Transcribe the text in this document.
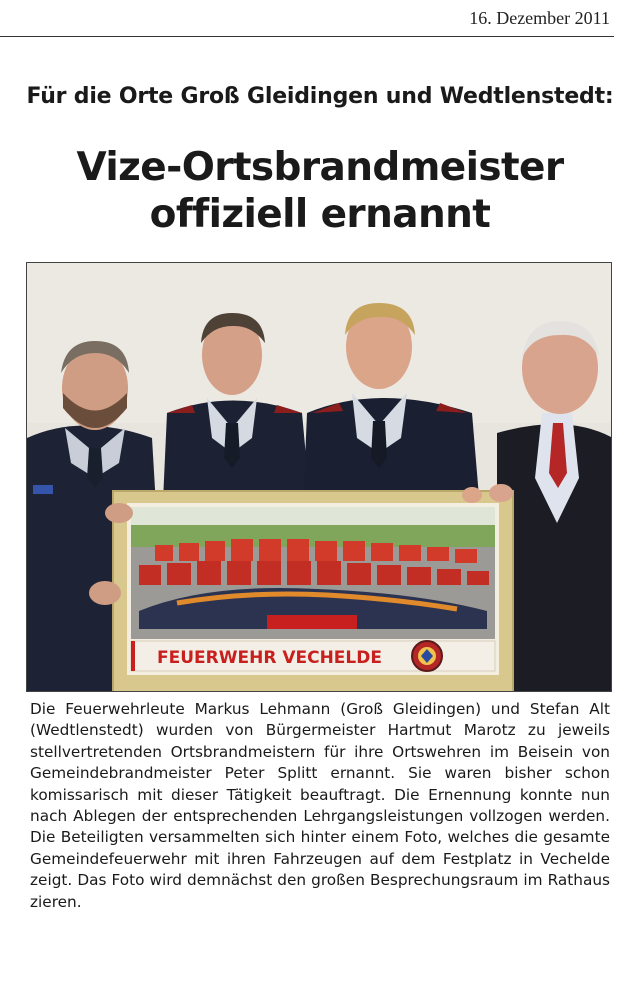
16. Dezember 2011
Für die Orte Groß Gleidingen und Wedtlenstedt:
Vize-Ortsbrandmeister
offiziell ernannt
FEUERWEHR VECHELDE

Die Feuerwehrleute Markus Lehmann (Groß Gleidingen) und Stefan Alt (Wedtlenstedt) wurden von Bürgermeister Hartmut Marotz zu jeweils stellvertretenden Ortsbrandmeistern für ihre Ortswehren im Beisein von Gemeindebrandmeister Peter Splitt ernannt. Sie waren bisher schon komissarisch mit dieser Tätigkeit beauftragt. Die Ernennung konnte nun nach Ablegen der entsprechenden Lehrgangsleistungen vollzogen werden. Die Beteiligten versammelten sich hinter einem Foto, welches die gesamte Gemeindefeuerwehr mit ihren Fahrzeugen auf dem Festplatz in Vechelde zeigt. Das Foto wird demnächst den großen Besprechungsraum im Rathaus zieren.
